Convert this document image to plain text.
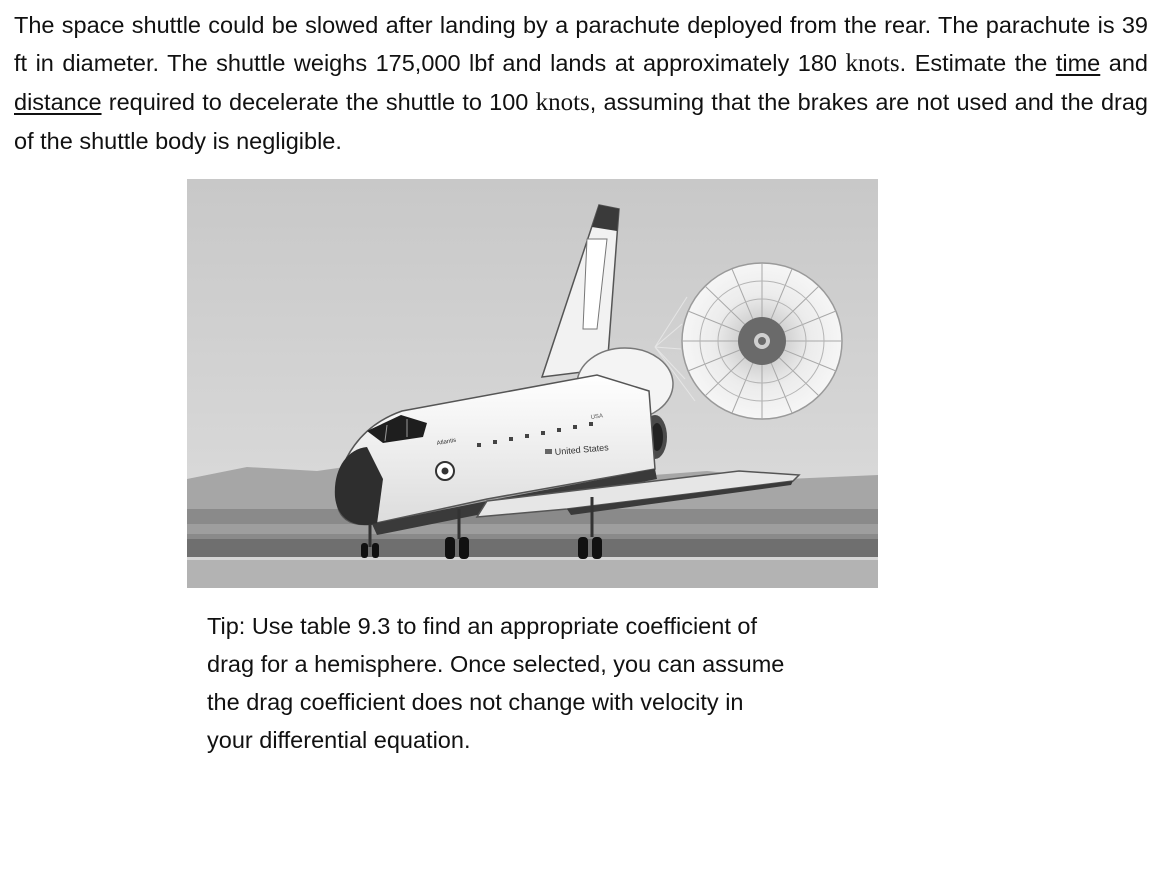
The space shuttle could be slowed after landing by a parachute deployed from the rear. The parachute is 39 ft in diameter. The shuttle weighs 175,000 lbf and lands at approximately 180 knots. Estimate the time and distance required to decelerate the shuttle to 100 knots, assuming that the brakes are not used and the drag of the shuttle body is negligible.

Atlantis
United States
USA

Tip: Use table 9.3 to find an appropriate coefficient of
drag for a hemisphere. Once selected, you can assume
the drag coefficient does not change with velocity in
your differential equation.
